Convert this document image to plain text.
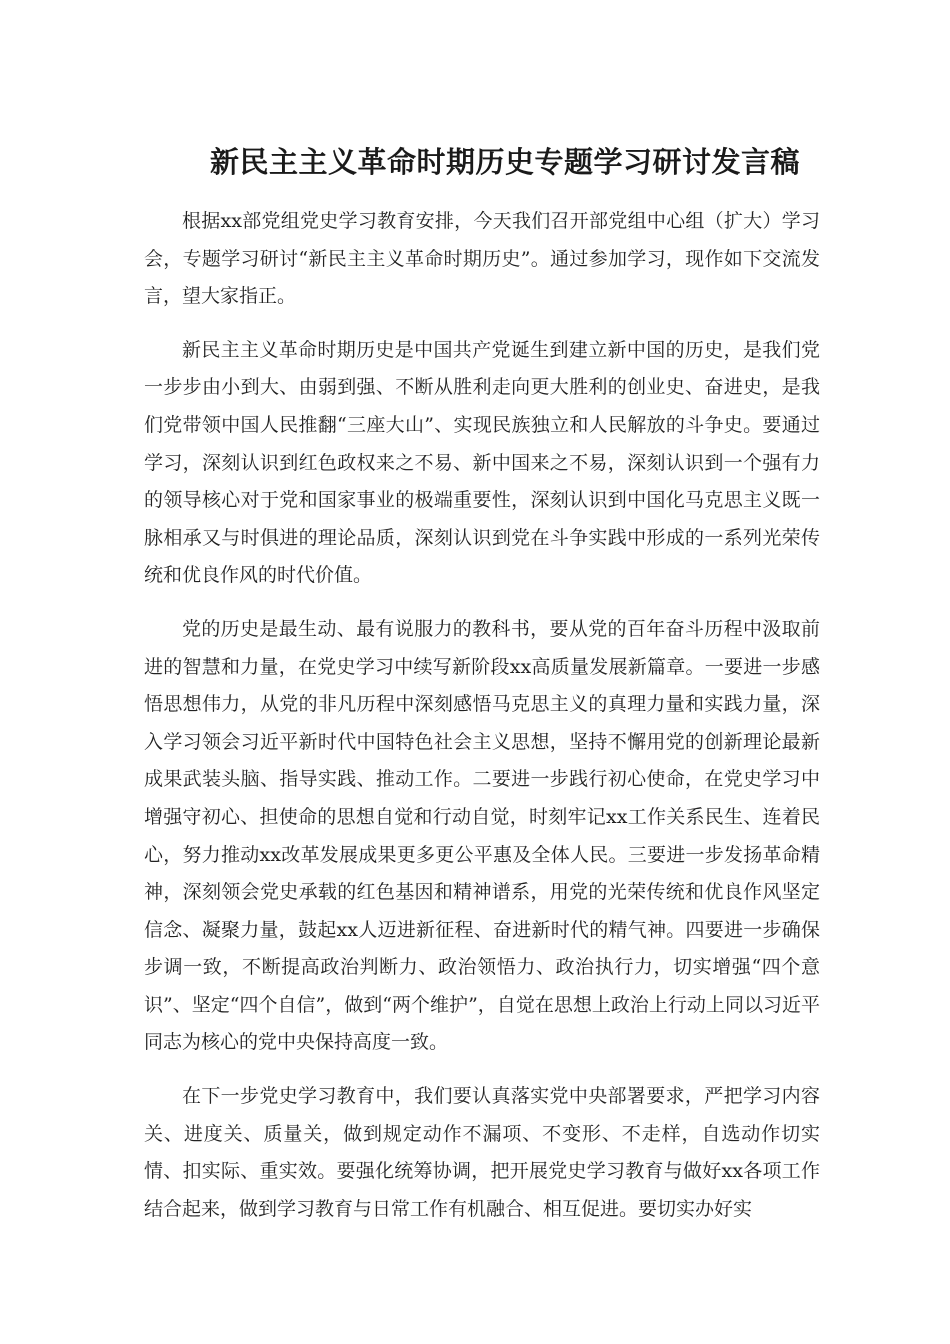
新民主主义革命时期历史专题学习研讨发言稿

根据xx部党组党史学习教育安排，今天我们召开部党组中心组（扩大）学习会，专题学习研讨“新民主主义革命时期历史”。通过参加学习，现作如下交流发言，望大家指正。

新民主主义革命时期历史是中国共产党诞生到建立新中国的历史，是我们党一步步由小到大、由弱到强、不断从胜利走向更大胜利的创业史、奋进史，是我们党带领中国人民推翻“三座大山”、实现民族独立和人民解放的斗争史。要通过学习，深刻认识到红色政权来之不易、新中国来之不易，深刻认识到一个强有力的领导核心对于党和国家事业的极端重要性，深刻认识到中国化马克思主义既一脉相承又与时俱进的理论品质，深刻认识到党在斗争实践中形成的一系列光荣传统和优良作风的时代价值。

党的历史是最生动、最有说服力的教科书，要从党的百年奋斗历程中汲取前进的智慧和力量，在党史学习中续写新阶段xx高质量发展新篇章。一要进一步感悟思想伟力，从党的非凡历程中深刻感悟马克思主义的真理力量和实践力量，深入学习领会习近平新时代中国特色社会主义思想，坚持不懈用党的创新理论最新成果武装头脑、指导实践、推动工作。二要进一步践行初心使命，在党史学习中增强守初心、担使命的思想自觉和行动自觉，时刻牢记xx工作关系民生、连着民心，努力推动xx改革发展成果更多更公平惠及全体人民。三要进一步发扬革命精神，深刻领会党史承载的红色基因和精神谱系，用党的光荣传统和优良作风坚定信念、凝聚力量，鼓起xx人迈进新征程、奋进新时代的精气神。四要进一步确保步调一致，不断提高政治判断力、政治领悟力、政治执行力，切实增强“四个意识”、坚定“四个自信”，做到“两个维护”，自觉在思想上政治上行动上同以习近平同志为核心的党中央保持高度一致。

在下一步党史学习教育中，我们要认真落实党中央部署要求，严把学习内容关、进度关、质量关，做到规定动作不漏项、不变形、不走样，自选动作切实情、扣实际、重实效。要强化统筹协调，把开展党史学习教育与做好xx各项工作结合起来，做到学习教育与日常工作有机融合、相互促进。要切实办好实
